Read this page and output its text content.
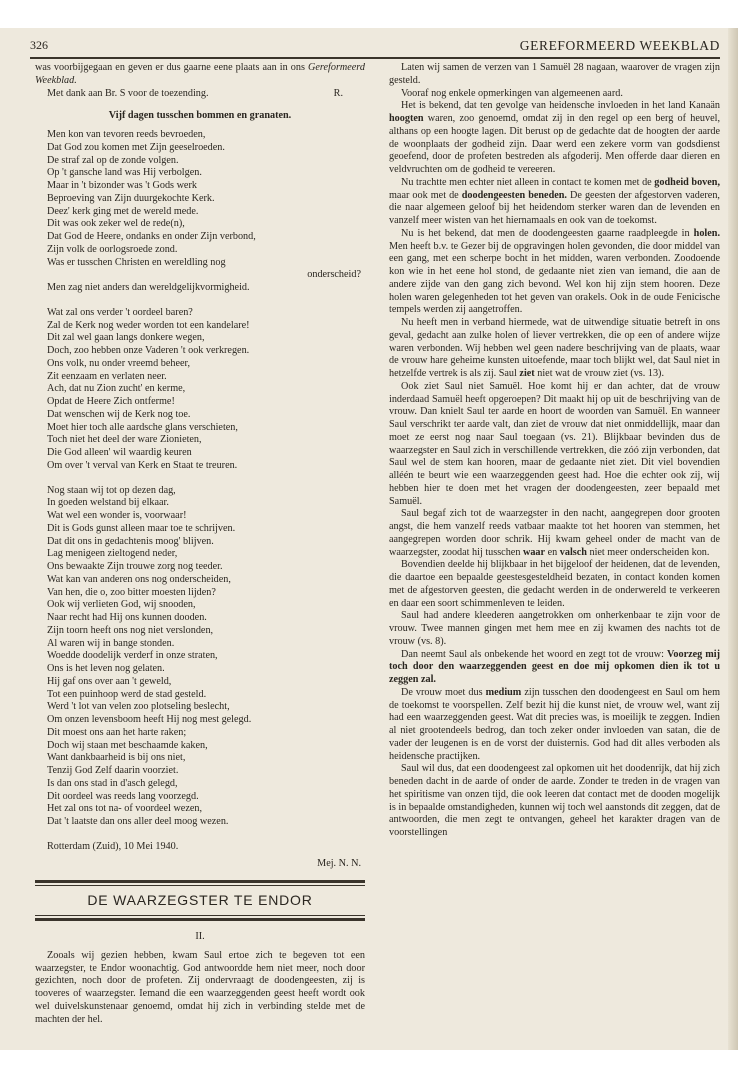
326	GEREFORMEERD WEEKBLAD

was voorbijgegaan en geven er dus gaarne eene plaats aan in ons Gereformeerd Weekblad.

Met dank aan Br. S voor de toezending.	R.
Vijf dagen tusschen bommen en granaten.
Men kon van tevoren reeds bevroeden,
Dat God zou komen met Zijn geeselroeden.
De straf zal op de zonde volgen.
Op 't gansche land was Hij verbolgen.
Maar in 't bizonder was 't Gods werk
Beproeving van Zijn duurgekochte Kerk.
Deez' kerk ging met de wereld mede.
Dit was ook zeker wel de rede(n),
Dat God de Heere, ondanks en onder Zijn verbond,
Zijn volk de oorlogsroede zond.
Was er tusschen Christen en wereldling nog
onderscheid?
Men zag niet anders dan wereldgelijkvormigheid.
Wat zal ons verder 't oordeel baren?
Zal de Kerk nog weder worden tot een kandelare!
Dit zal wel gaan langs donkere wegen,
Doch, zoo hebben onze Vaderen 't ook verkregen.
Ons volk, nu onder vreemd beheer,
Zit eenzaam en verlaten neer.
Ach, dat nu Zion zucht' en kerme,
Opdat de Heere Zich ontferme!
Dat wenschen wij de Kerk nog toe.
Moet hier toch alle aardsche glans verschieten,
Toch niet het deel der ware Zionieten,
Die God alleen' wil waardig keuren
Om over 't verval van Kerk en Staat te treuren.
Nog staan wij tot op dezen dag,
In goeden welstand bij elkaar.
Wat wel een wonder is, voorwaar!
Dit is Gods gunst alleen maar toe te schrijven.
Dat dit ons in gedachtenis moog' blijven.
Lag menigeen zieltogend neder,
Ons bewaakte Zijn trouwe zorg nog teeder.
Wat kan van anderen ons nog onderscheiden,
Van hen, die o, zoo bitter moesten lijden?
Ook wij verlieten God, wij snooden,
Naar recht had Hij ons kunnen dooden.
Zijn toorn heeft ons nog niet verslonden,
Al waren wij in bange stonden.
Woedde doodelijk verderf in onze straten,
Ons is het leven nog gelaten.
Hij gaf ons over aan 't geweld,
Tot een puinhoop werd de stad gesteld.
Werd 't lot van velen zoo plotseling beslecht,
Om onzen levensboom heeft Hij nog mest gelegd.
Dit moest ons aan het harte raken;
Doch wij staan met beschaamde kaken,
Want dankbaarheid is bij ons niet,
Tenzij God Zelf daarin voorziet.
Is dan ons stad in d'asch gelegd,
Dit oordeel was reeds lang voorzegd.
Het zal ons tot na- of voordeel wezen,
Dat 't laatste dan ons aller deel moog wezen.
Rotterdam (Zuid), 10 Mei 1940.
Mej. N. N.
DE WAARZEGSTER TE ENDOR
II.

Zooals wij gezien hebben, kwam Saul ertoe zich te begeven tot een waarzegster, te Endor woonachtig. God antwoordde hem niet meer, noch door gezichten, noch door de profeten. Zij ondervraagt de doodengeesten, zij is tooveres of waarzegster. Iemand die een waarzeggenden geest heeft wordt ook wel duivelskunstenaar genoemd, omdat hij zich in verbinding stelde met de machten der hel.

Laten wij samen de verzen van 1 Samuël 28 nagaan, waarover de vragen zijn gesteld.

Vooraf nog enkele opmerkingen van algemeenen aard.

Het is bekend, dat ten gevolge van heidensche invloeden in het land Kanaän hoogten waren, zoo genoemd, omdat zij in den regel op een berg of heuvel, althans op een hoogte lagen. Dit berust op de gedachte dat de hoogten der aarde de woonplaats der godheid zijn. Daar werd een zekere vorm van godsdienst geoefend, door de profeten bestreden als afgoderij. Men offerde daar dieren en veldvruchten om de godheid te vereeren.

Nu trachtte men echter niet alleen in contact te komen met de godheid boven, maar ook met de doodengeesten beneden. De geesten der afgestorven vaderen, die naar algemeen geloof bij het heidendom sterker waren dan de levenden en vanzelf meer wisten van het hiernamaals en ook van de toekomst.

Nu is het bekend, dat men de doodengeesten gaarne raadpleegde in holen. Men heeft b.v. te Gezer bij de opgravingen holen gevonden, die door middel van een gang, met een scherpe bocht in het midden, waren verbonden. Zoodoende kon wie in het eene hol stond, de gedaante niet zien van iemand, die aan de andere zijde van den gang zich bevond. Wel kon hij zijn stem hooren. Deze holen waren gelegenheden tot het geven van orakels. Ook in de oude Fenicische tempels werden zij aangetroffen.

Nu heeft men in verband hiermede, wat de uitwendige situatie betreft in ons geval, gedacht aan zulke holen of liever vertrekken, die op een of andere wijze waren verbonden. Wij hebben wel geen nadere beschrijving van de plaats, waar de vrouw hare geheime kunsten uitoefende, maar toch blijkt wel, dat Saul niet in hetzelfde vertrek is als zij. Saul ziet niet wat de vrouw ziet (vs. 13).

Ook ziet Saul niet Samuël. Hoe komt hij er dan achter, dat de vrouw inderdaad Samuël heeft opgeroepen? Dit maakt hij op uit de beschrijving van de vrouw. Dan knielt Saul ter aarde en hoort de woorden van Samuël. En wanneer Saul verschrikt ter aarde valt, dan ziet de vrouw dat niet onmiddellijk, maar dan moet ze eerst nog naar Saul toegaan (vs. 21). Blijkbaar bevinden dus de waarzegster en Saul zich in verschillende vertrekken, die zóó zijn verbonden, dat Saul wel de stem kan hooren, maar de gedaante niet ziet. Dit viel bovendien alléén te beurt wie een waarzeggenden geest had. Hoe die echter ook zij, wij hebben hier te doen met het vragen der doodengeesten, zeer bepaald met Samuël.

Saul begaf zich tot de waarzegster in den nacht, aangegrepen door grooten angst, die hem vanzelf reeds vatbaar maakte tot het hooren van stemmen, het aangegrepen worden door schrik. Hij kwam geheel onder de macht van de waarzegster, zoodat hij tusschen waar en valsch niet meer onderscheiden kon.

Bovendien deelde hij blijkbaar in het bijgeloof der heidenen, dat de levenden, die daartoe een bepaalde geestesgesteldheid bezaten, in contact konden komen met de afgestorven geesten, die gedacht werden in de onderwereld te verkeeren en daar een soort schimmenleven te leiden.

Saul had andere kleederen aangetrokken om onherkenbaar te zijn voor de vrouw. Twee mannen gingen met hem mee en zij kwamen des nachts tot de vrouw (vs. 8).

Dan neemt Saul als onbekende het woord en zegt tot de vrouw: Voorzeg mij toch door den waarzeggenden geest en doe mij opkomen dien ik tot u zeggen zal.

De vrouw moet dus medium zijn tusschen den doodengeest en Saul om hem de toekomst te voorspellen. Zelf bezit hij die kunst niet, de vrouw wel, want zij had een waarzeggenden geest. Wat dit precies was, is moeilijk te zeggen. Indien al niet grootendeels bedrog, dan toch zeker onder invloeden van satan, die de vader der leugenen is en de vorst der duisternis. God had dit alles verboden als heidensche practijken.

Saul wil dus, dat een doodengeest zal opkomen uit het doodenrijk, dat hij zich beneden dacht in de aarde of onder de aarde. Zonder te treden in de vragen van het spiritisme van onzen tijd, die ook leeren dat contact met de dooden mogelijk is in bepaalde omstandigheden, kunnen wij toch wel aanstonds dit zeggen, dat de antwoorden, die men zegt te ontvangen, geheel het karakter dragen van de voorstellingen
